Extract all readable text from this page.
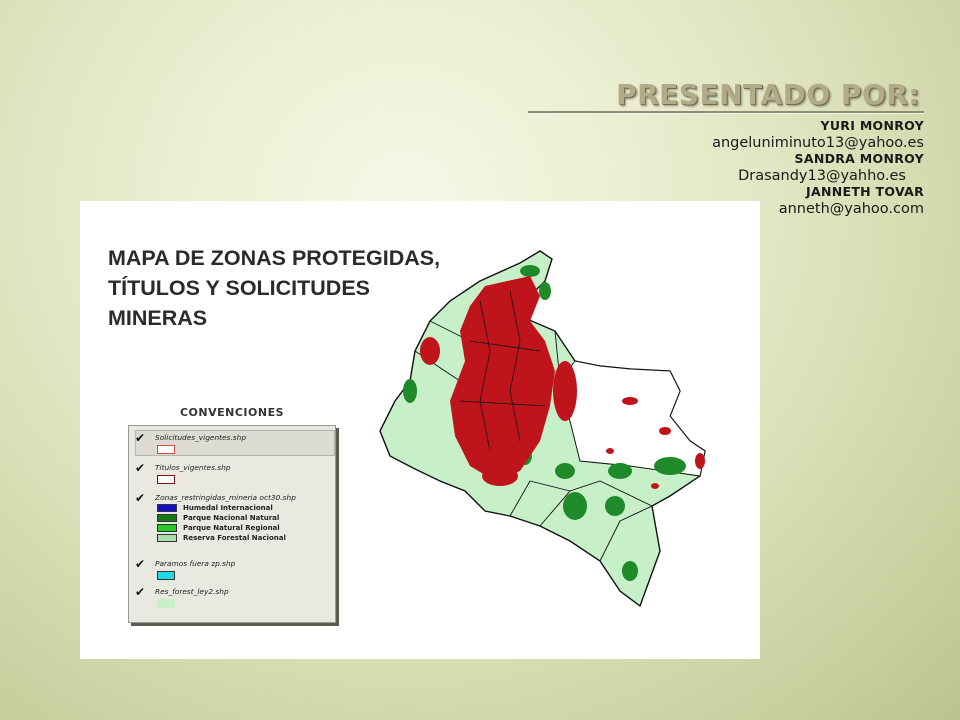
PRESENTADO POR:
YURI MONROY
angeluniminuto13@yahoo.es
SANDRA MONROY
Drasandy13@yahho.es
JANNETH TOVAR
anneth@yahoo.com
MAPA DE ZONAS PROTEGIDAS,
TÍTULOS Y SOLICITUDES MINERAS
CONVENCIONES
✔ Solicitudes_vigentes.shp
✔ Titulos_vigentes.shp
✔ Zonas_restringidas_mineria oct30.shp
Humedal Internacional
Parque Nacional Natural
Parque Natural Regional
Reserva Forestal Nacional
✔ Paramos fuera zp.shp
✔ Res_forest_ley2.shp
